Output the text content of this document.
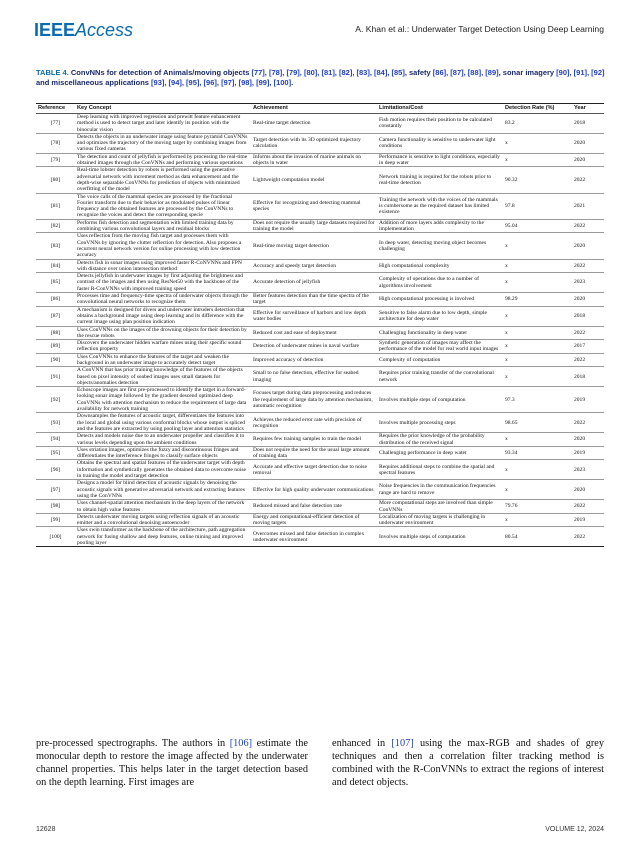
IEEEAccess	A. Khan et al.: Underwater Target Detection Using Deep Learning
TABLE 4. ConvNNs for detection of Animals/moving objects [77], [78], [79], [80], [81], [82], [83], [84], [85], safety [86], [87], [88], [89], sonar imagery [90], [91], [92] and miscellaneous applications [93], [94], [95], [96], [97], [98], [99], [100].
Reference	Key Concept	Achievement	Limitations/Cost	Detection Rate (%)	Year
[77]	Deep learning with improved regression and prewitt feature enhancement method is used to detect target and later identify its position with the binocular vision	Real-time target detection	Fish motion requires their position to be calculated constantly	83.2	2018
[78]	Detects the objects in an underwater image using feature pyramid ConVNNs and optimizes the trajectory of the moving target by combining images from various fixed cameras	Target detection with its 3D optimized trajectory calculation	Camera functionality is sensitive to underwater light conditions	x	2020
[79]	The detection and count of jellyfish is performed by processing the real-time obtained images through the ConVNNs and performing various operations	Informs about the invasion of marine animals on objects in water	Performance is sensitive to light conditions, especially in deep water	x	2020
[80]	Real-time lobster detection by robots is performed using the generative adversarial network with increment method as data enhancement and the depth-wise separable ConVNNs for prediction of objects with minimized overfitting of the model	Lightweight computation model	Network training is required for the robots prior to real-time detection	90.32	2022
[81]	The voice calls of the mammal species are processed by the fractional Fourier transform due to their behavior as modulated pulses of linear frequency and the obtained features are processed by the ConVNNs to recognize the voices and detect the corresponding specie	Effective for recognizing and detecting mammal species	Training the network with the voices of the mammals is cumbersome as the required dataset has limited existence	97.8	2021
[82]	Performs fish detection and segmentation with limited training data by combining various convolutional layers and residual blocks	Does not require the usually large datasets required for training the model	Addition of more layers adds complexity to the implementation	95.04	2022
[83]	Uses reflection from the moving fish target and processes them with ConVNNs by ignoring the clutter reflection for detection. Also proposes a recurrent neural network version for online processing with low detection accuracy	Real-time moving target detection	In deep water, detecting moving object becomes challenging	x	2020
[84]	Detects fish in sonar images using improved faster R-CoNVNNs and FPN with distance over union intersection method	Accuracy and speedy target detection	High computational complexity	x	2022
[85]	Detects jellyfish in underwater images by first adjusting the brightness and contrast of the images and then using ResNet50 with the backbone of the faster R-ConVNNs with improved training speed	Accurate detection of jellyfish	Complexity of operations due to a number of algorithms involvement	x	2023
[86]	Processes time and frequency-time spectra of underwater objects through the convolutional neural networks to recognize them	Better features detection than the time spectra of the target	High computational processing is involved	98.29	2020
[87]	A mechanism is designed for divers and underwater intruders detection that obtains a background image using deep learning and its difference with the current image using plan position indication	Effective for surveillance of harbors and low depth water bodies	Sensitive to false alarm due to low depth, simple architecture for deep water	x	2018
[88]	Uses ConVNNs on the images of the drowning objects for their detection by the rescue robots	Reduced cost and ease of deployment	Challenging functionality in deep water	x	2022
[89]	Discovers the underwater hidden warfare mines using their specific sound reflection property	Detection of underwater mines in naval warfare	Synthetic generation of images may affect the performance of the model for real world input images	x	2017
[90]	Uses ConVNNs to enhance the features of the target and weaken the background in an underwater image to accurately detect target	Improved accuracy of detection	Complexity of computation	x	2022
[91]	A ConVNN that has prior training knowledge of the features of the objects based on pixel intensity of seabed images uses small datasets for objects/anomalies detection	Small to no false detection, effective for seabed imaging	Requires prior training transfer of the convolutional network	x	2018
[92]	Echoscope images are first pre-processed to identify the target in a forward-looking sonar image followed by the gradient descend optimized deep ConVNNs with attention mechanism to reduce the requirement of large data availability for network training	Focuses target during data preprocessing and reduces the requirement of large data by attention mechanism, automatic recognition	Involves multiple steps of computation	97.3	2019
[93]	Downsamples the features of acoustic target, differentiates the features into the local and global using various conformal blocks whose output is spliced and the features are extracted by using pooling layer and attention statistics	Achieves the reduced error rate with precision of recognition	Involves multiple processing steps	98.65	2022
[94]	Detects and models noise due to an underwater propeller and classifies it to various levels depending upon the ambient conditions	Requires few training samples to train the model	Requires the prior knowledge of the probability distribution of the received signal	x	2020
[95]	Uses striation images, optimizes the fuzzy and discontinuous fringes and differentiates the interference fringes to classify surface objects	Does not require the need for the usual large amount of training data	Challenging performance in deep water	93.34	2019
[96]	Obtains the spectral and spatial features of the underwater target with depth information and synthetically generates the obtained data to overcome noise in training the model and target detection	Accurate and effective target detection due to noise removal	Requires additional steps to combine the spatial and spectral features	x	2023
[97]	Designs a model for blind detection of acoustic signals by denoising the acoustic signals with generative adversarial network and extracting features using the ConVNNs	Effective for high quality underwater communications	Noise frequencies in the communication frequencies range are hard to remove	x	2020
[98]	Uses channel-spatial attention mechanism in the deep layers of the network to obtain high value features	Reduced missed and false detection rate	More computational steps are involved than simple ConVNNs	79.76	2022
[99]	Detects underwater moving targets using reflection signals of an acoustic emitter and a convolutional denoising autoencoder	Energy and computational-efficient detection of moving targets	Localization of moving targets is challenging in underwater environment	x	2019
[100]	Uses swin transformer as the backbone of the architecture, path aggregation network for fusing shallow and deep features, online mining and improved pooling layer	Overcomes missed and false detection in complex underwater environment	Involves multiple steps of computation	80.54	2022
pre-processed spectrographs. The authors in [106] estimate the monocular depth to restore the image affected by the underwater channel properties. This helps later in the target detection based on the depth learning. First images are
enhanced in [107] using the max-RGB and shades of grey techniques and then a correlation filter tracking method is combined with the R-ConVNNs to extract the regions of interest and detect objects.
12628	VOLUME 12, 2024
